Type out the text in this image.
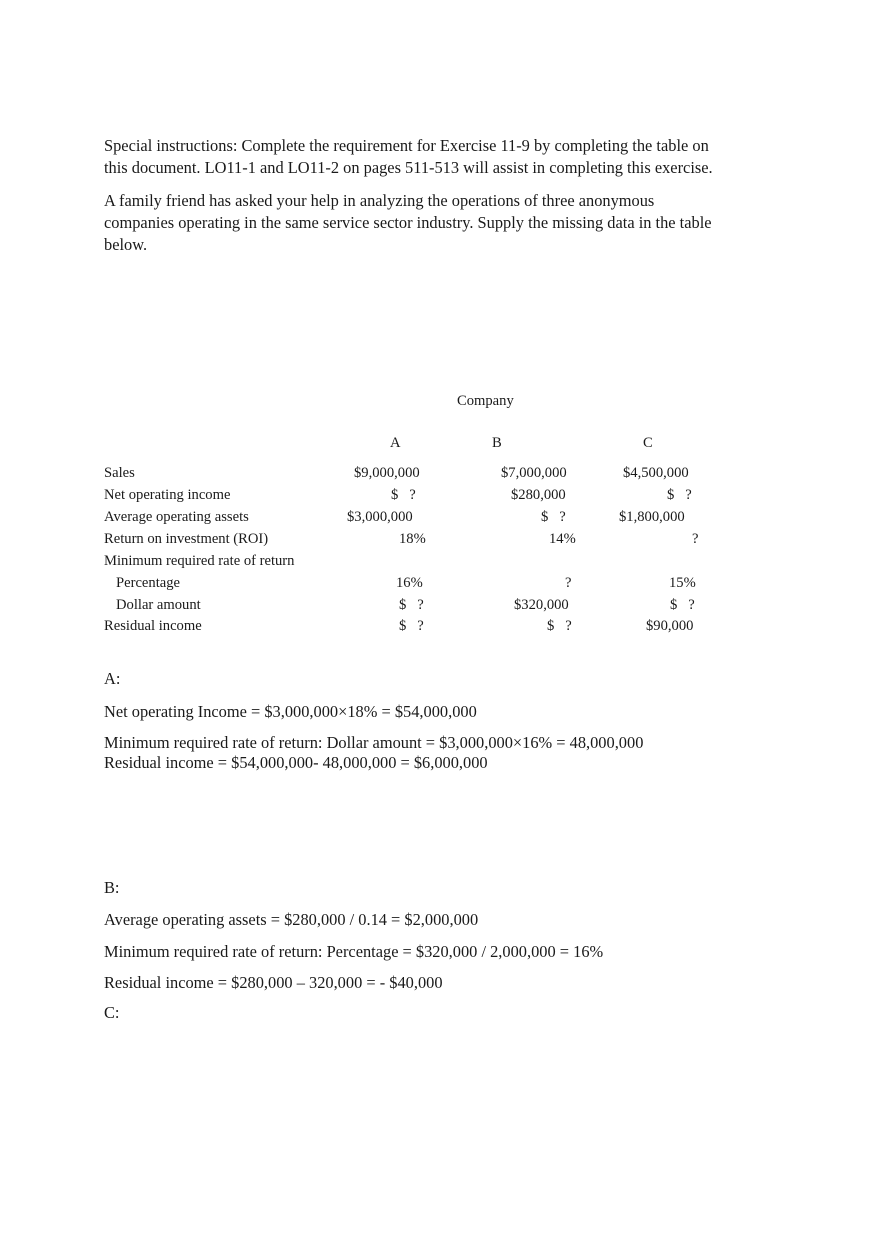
Special instructions: Complete the requirement for Exercise 11-9 by completing the table on
this document. LO11-1 and LO11-2 on pages 511-513 will assist in completing this exercise.
A family friend has asked your help in analyzing the operations of three anonymous
companies operating in the same service sector industry. Supply the missing data in the table
below.
Company
A	B	C
Sales	$9,000,000	$7,000,000	$4,500,000
Net operating income	$   ?	$280,000	$   ?
Average operating assets	$3,000,000	$   ?	$1,800,000
Return on investment (ROI)	18%	14%	?
Minimum required rate of return
Percentage	16%	?	15%
Dollar amount	$   ?	$320,000	$   ?
Residual income	$   ?	$   ?	$90,000
A:
Net operating Income = $3,000,000×18% = $54,000,000
Minimum required rate of return: Dollar amount = $3,000,000×16% = 48,000,000
Residual income = $54,000,000- 48,000,000 = $6,000,000
B:
Average operating assets = $280,000 / 0.14 = $2,000,000
Minimum required rate of return: Percentage = $320,000 / 2,000,000 = 16%
Residual income = $280,000 – 320,000 = - $40,000
C:
